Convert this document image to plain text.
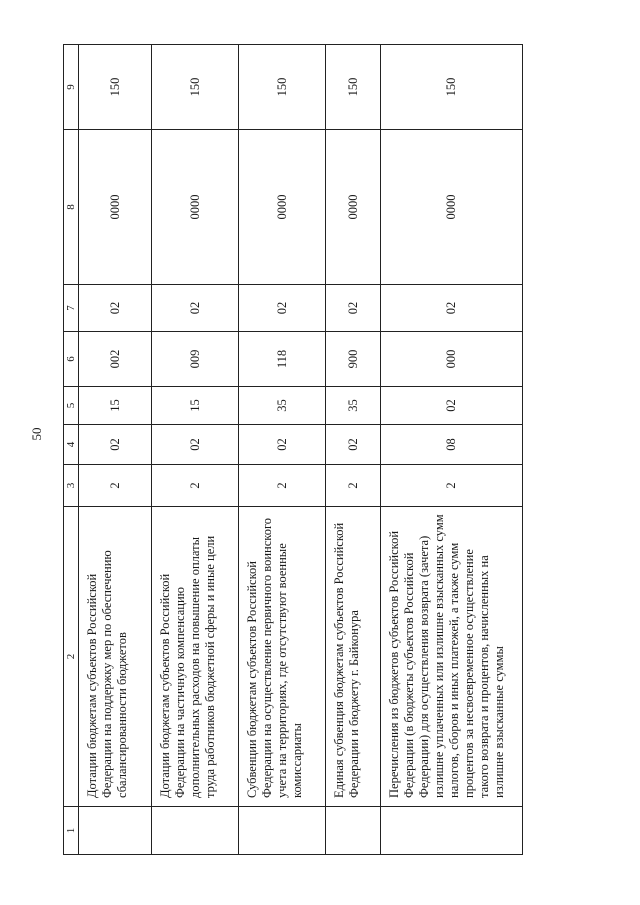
50
1	2	3	4	5	6	7	8	9
	Дотации бюджетам субъектов Российской Федерации на поддержку мер по обеспечению сбалансированности бюджетов	2	02	15	002	02	0000	150
	Дотации бюджетам субъектов Российской Федерации на частичную компенсацию дополнительных расходов на повышение оплаты труда работников бюджетной сферы и иные цели	2	02	15	009	02	0000	150
	Субвенции бюджетам субъектов Российской Федерации на осуществление первичного воинского учета на территориях, где отсутствуют военные комиссариаты	2	02	35	118	02	0000	150
	Единая субвенция бюджетам субъектов Российской Федерации и бюджету г. Байконура	2	02	35	900	02	0000	150
	Перечисления из бюджетов субъектов Российской Федерации (в бюджеты субъектов Российской Федерации) для осуществления возврата (зачета) излишне уплаченных или излишне взысканных сумм налогов, сборов и иных платежей, а также сумм процентов за несвоевременное осуществление такого возврата и процентов, начисленных на излишне взысканные суммы	2	08	02	000	02	0000	150
